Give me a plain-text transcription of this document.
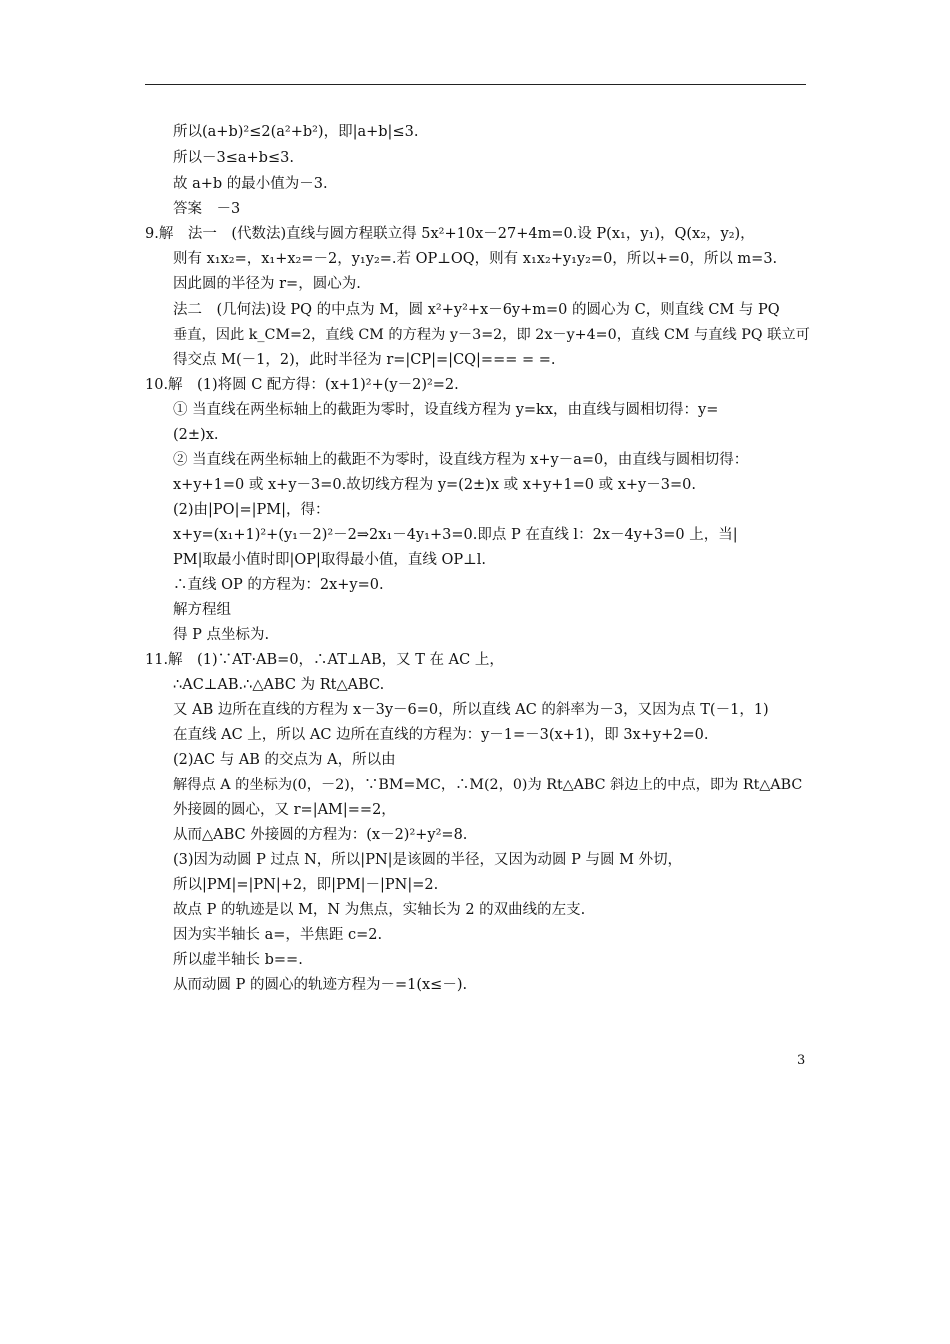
所以(a+b)²≤2(a²+b²)，即|a+b|≤3.
所以－3≤a+b≤3.
故 a+b 的最小值为－3.
答案　－3
9.解　法一　(代数法)直线与圆方程联立得 5x²+10x－27+4m=0.设 P(x₁，y₁)，Q(x₂，y₂)，
则有 x₁x₂=，x₁+x₂=－2，y₁y₂=.若 OP⊥OQ，则有 x₁x₂+y₁y₂=0，所以+=0，所以 m=3.
因此圆的半径为 r=，圆心为.
法二　(几何法)设 PQ 的中点为 M，圆 x²+y²+x－6y+m=0 的圆心为 C，则直线 CM 与 PQ
垂直，因此 k_CM=2，直线 CM 的方程为 y－3=2，即 2x－y+4=0，直线 CM 与直线 PQ 联立可
得交点 M(－1，2)，此时半径为 r=|CP|=|CQ|=== = =.
10.解　(1)将圆 C 配方得：(x+1)²+(y－2)²=2.
① 当直线在两坐标轴上的截距为零时，设直线方程为 y=kx，由直线与圆相切得：y=
(2±)x.
② 当直线在两坐标轴上的截距不为零时，设直线方程为 x+y－a=0，由直线与圆相切得：
x+y+1=0 或 x+y－3=0.故切线方程为 y=(2±)x 或 x+y+1=0 或 x+y－3=0.
(2)由|PO|=|PM|，得：
x+y=(x₁+1)²+(y₁－2)²－2⇒2x₁－4y₁+3=0.即点 P 在直线 l：2x－4y+3=0 上，当|
PM|取最小值时即|OP|取得最小值，直线 OP⊥l.
∴直线 OP 的方程为：2x+y=0.
解方程组
得 P 点坐标为.
11.解　(1)∵AT·AB=0，∴AT⊥AB，又 T 在 AC 上，
∴AC⊥AB.∴△ABC 为 Rt△ABC.
又 AB 边所在直线的方程为 x－3y－6=0，所以直线 AC 的斜率为－3，又因为点 T(－1，1)
在直线 AC 上，所以 AC 边所在直线的方程为：y－1=－3(x+1)，即 3x+y+2=0.
(2)AC 与 AB 的交点为 A，所以由
解得点 A 的坐标为(0，－2)，∵BM=MC，∴M(2，0)为 Rt△ABC 斜边上的中点，即为 Rt△ABC
外接圆的圆心，又 r=|AM|==2，
从而△ABC 外接圆的方程为：(x－2)²+y²=8.
(3)因为动圆 P 过点 N，所以|PN|是该圆的半径，又因为动圆 P 与圆 M 外切，
所以|PM|=|PN|+2，即|PM|－|PN|=2.
故点 P 的轨迹是以 M，N 为焦点，实轴长为 2 的双曲线的左支.
因为实半轴长 a=，半焦距 c=2.
所以虚半轴长 b==.
从而动圆 P 的圆心的轨迹方程为－=1(x≤－).
3
